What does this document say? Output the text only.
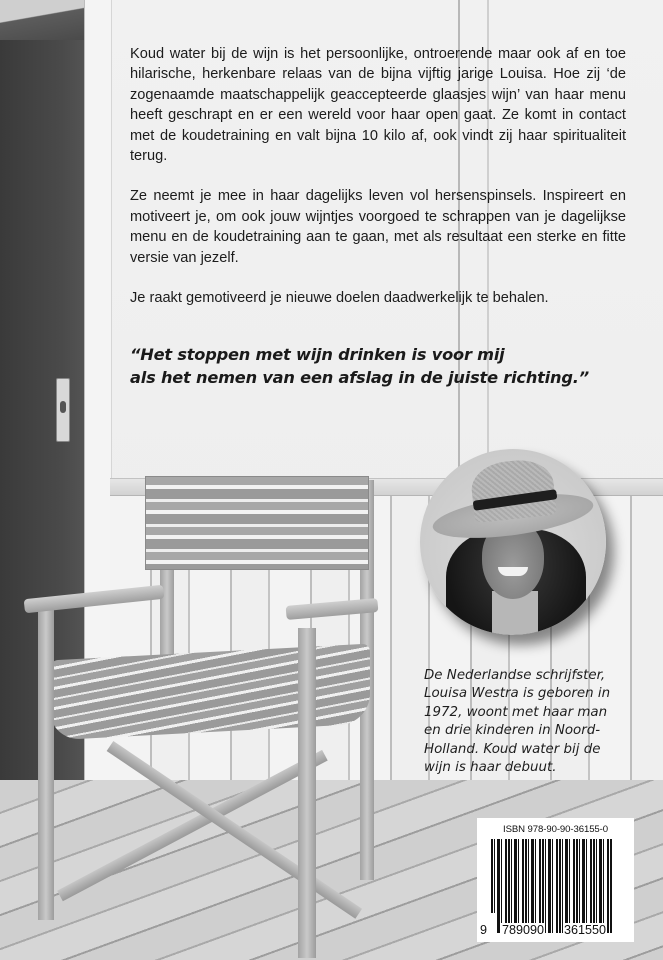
Koud water bij de wijn is het persoonlijke, ontroerende maar ook af en toe hilarische, herkenbare relaas van de bijna vijftig jarige Louisa. Hoe zij ‘de zogenaamde maatschappelijk geaccepteerde glaasjes wijn’ van haar menu heeft geschrapt en er een wereld voor haar open gaat. Ze komt in contact met de koudetraining en valt bijna 10 kilo af, ook vindt zij haar spiritualiteit terug.

Ze neemt je mee in haar dagelijks leven vol hersenspinsels. Inspireert en motiveert je, om ook jouw wijntjes voorgoed te schrappen van je dagelijkse menu en de koudetraining aan te gaan, met als resultaat een sterke en fitte versie van jezelf.

Je raakt gemotiveerd je nieuwe doelen daadwerkelijk te behalen.

“Het stoppen met wijn drinken is voor mij
als het nemen van een afslag in de juiste richting.”
De Nederlandse schrijfster,
Louisa Westra is geboren in
1972, woont met haar man
en drie kinderen in Noord-
Holland. Koud water bij de
wijn is haar debuut.
ISBN 978-90-90-36155-0
9 789090 361550
